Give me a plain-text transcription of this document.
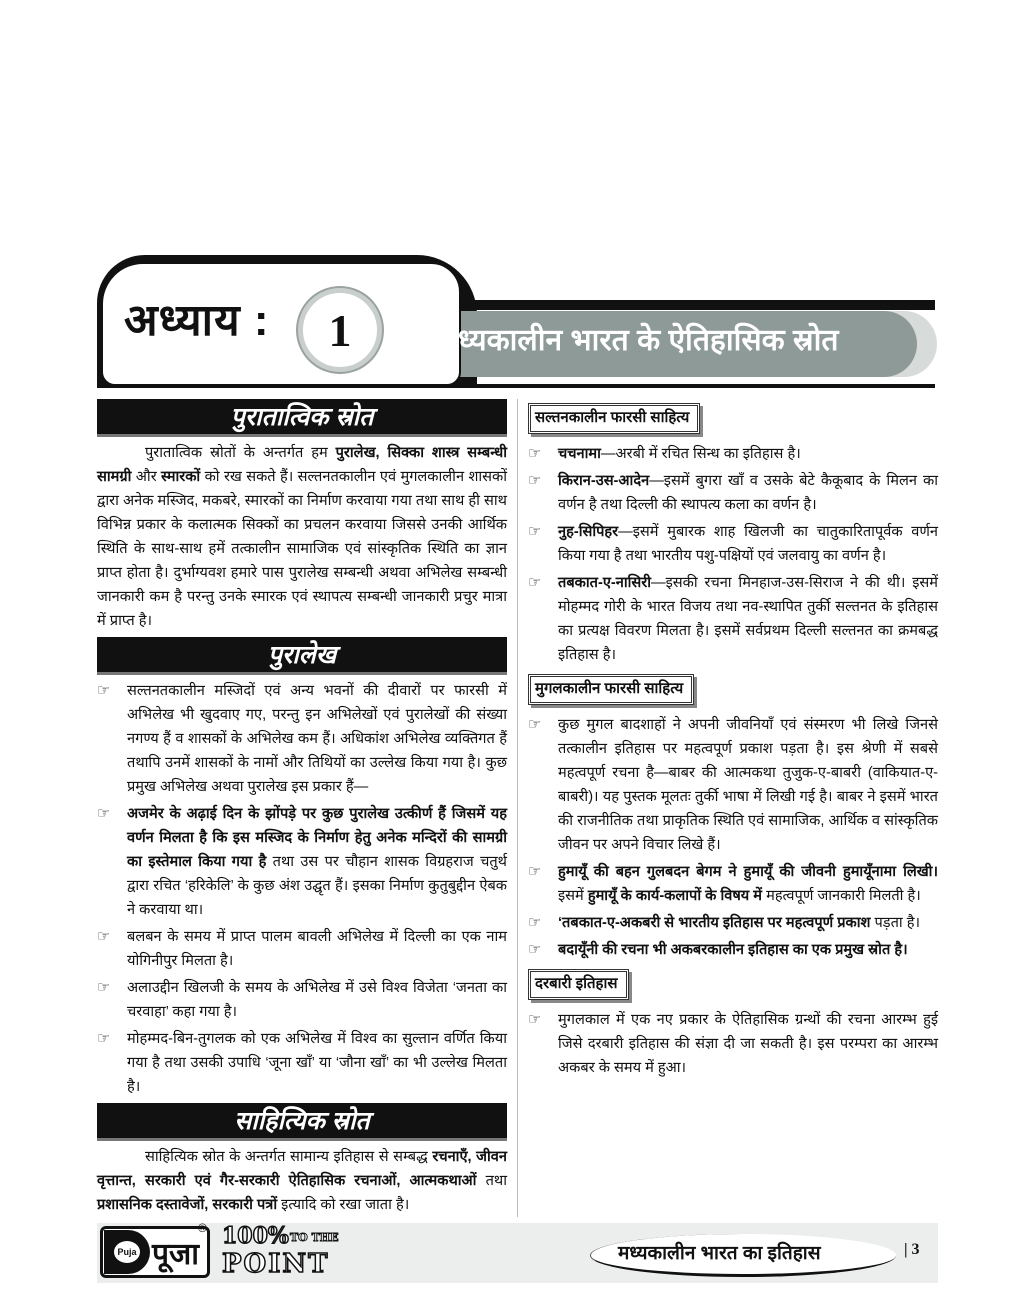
अध्याय :	1	मध्यकालीन भारत के ऐतिहासिक स्रोत
पुरातात्विक स्रोत

पुरातात्विक स्रोतों के अन्तर्गत हम पुरालेख, सिक्का शास्त्र सम्बन्धी सामग्री और स्मारकों को रख सकते हैं। सल्तनतकालीन एवं मुगलकालीन शासकों द्वारा अनेक मस्जिद, मकबरे, स्मारकों का निर्माण करवाया गया तथा साथ ही साथ विभिन्न प्रकार के कलात्मक सिक्कों का प्रचलन करवाया जिससे उनकी आर्थिक स्थिति के साथ-साथ हमें तत्कालीन सामाजिक एवं सांस्कृतिक स्थिति का ज्ञान प्राप्त होता है। दुर्भाग्यवश हमारे पास पुरालेख सम्बन्धी अथवा अभिलेख सम्बन्धी जानकारी कम है परन्तु उनके स्मारक एवं स्थापत्य सम्बन्धी जानकारी प्रचुर मात्रा में प्राप्त है।

पुरालेख

☞ सल्तनतकालीन मस्जिदों एवं अन्य भवनों की दीवारों पर फारसी में अभिलेख भी खुदवाए गए, परन्तु इन अभिलेखों एवं पुरालेखों की संख्या नगण्य हैं व शासकों के अभिलेख कम हैं। अधिकांश अभिलेख व्यक्तिगत हैं तथापि उनमें शासकों के नामों और तिथियों का उल्लेख किया गया है। कुछ प्रमुख अभिलेख अथवा पुरालेख इस प्रकार हैं—

☞ अजमेर के अढ़ाई दिन के झोंपड़े पर कुछ पुरालेख उत्कीर्ण हैं जिसमें यह वर्णन मिलता है कि इस मस्जिद के निर्माण हेतु अनेक मन्दिरों की सामग्री का इस्तेमाल किया गया है तथा उस पर चौहान शासक विग्रहराज चतुर्थ द्वारा रचित ‘हरिकेलि’ के कुछ अंश उद्घृत हैं। इसका निर्माण कुतुबुद्दीन ऐबक ने करवाया था।

☞ बलबन के समय में प्राप्त पालम बावली अभिलेख में दिल्ली का एक नाम योगिनीपुर मिलता है।

☞ अलाउद्दीन खिलजी के समय के अभिलेख में उसे विश्व विजेता ‘जनता का चरवाहा’ कहा गया है।

☞ मोहम्मद-बिन-तुगलक को एक अभिलेख में विश्व का सुल्तान वर्णित किया गया है तथा उसकी उपाधि ‘जूना खाँ’ या ‘जौना खाँ’ का भी उल्लेख मिलता है।

साहित्यिक स्रोत

साहित्यिक स्रोत के अन्तर्गत सामान्य इतिहास से सम्बद्ध रचनाएँ, जीवन वृत्तान्त, सरकारी एवं गैर-सरकारी ऐतिहासिक रचनाओं, आत्मकथाओं तथा प्रशासनिक दस्तावेजों, सरकारी पत्रों इत्यादि को रखा जाता है।

सल्तनकालीन फारसी साहित्य

☞ चचनामा—अरबी में रचित सिन्ध का इतिहास है।

☞ किरान-उस-आदेन—इसमें बुगरा खाँ व उसके बेटे कैकूबाद के मिलन का वर्णन है तथा दिल्ली की स्थापत्य कला का वर्णन है।

☞ नुह-सिपिहर—इसमें मुबारक शाह खिलजी का चातुकारितापूर्वक वर्णन किया गया है तथा भारतीय पशु-पक्षियों एवं जलवायु का वर्णन है।

☞ तबकात-ए-नासिरी—इसकी रचना मिनहाज-उस-सिराज ने की थी। इसमें मोहम्मद गोरी के भारत विजय तथा नव-स्थापित तुर्की सल्तनत के इतिहास का प्रत्यक्ष विवरण मिलता है। इसमें सर्वप्रथम दिल्ली सल्तनत का क्रमबद्ध इतिहास है।

मुगलकालीन फारसी साहित्य

☞ कुछ मुगल बादशाहों ने अपनी जीवनियाँ एवं संस्मरण भी लिखे जिनसे तत्कालीन इतिहास पर महत्वपूर्ण प्रकाश पड़ता है। इस श्रेणी में सबसे महत्वपूर्ण रचना है—बाबर की आत्मकथा तुजुक-ए-बाबरी (वाकियात-ए-बाबरी)। यह पुस्तक मूलतः तुर्की भाषा में लिखी गई है। बाबर ने इसमें भारत की राजनीतिक तथा प्राकृतिक स्थिति एवं सामाजिक, आर्थिक व सांस्कृतिक जीवन पर अपने विचार लिखे हैं।

☞ हुमायूँ की बहन गुलबदन बेगम ने हुमायूँ की जीवनी हुमायूँनामा लिखी। इसमें हुमायूँ के कार्य-कलापों के विषय में महत्वपूर्ण जानकारी मिलती है।

☞ ‘तबकात-ए-अकबरी से भारतीय इतिहास पर महत्वपूर्ण प्रकाश पड़ता है।

☞ बदायूँनी की रचना भी अकबरकालीन इतिहास का एक प्रमुख स्रोत है।

दरबारी इतिहास

☞ मुगलकाल में एक नए प्रकार के ऐतिहासिक ग्रन्थों की रचना आरम्भ हुई जिसे दरबारी इतिहास की संज्ञा दी जा सकती है। इस परम्परा का आरम्भ अकबर के समय में हुआ।

Puja पूजा
® 100% TO THE
POINT	मध्यकालीन भारत का इतिहास	| 3
